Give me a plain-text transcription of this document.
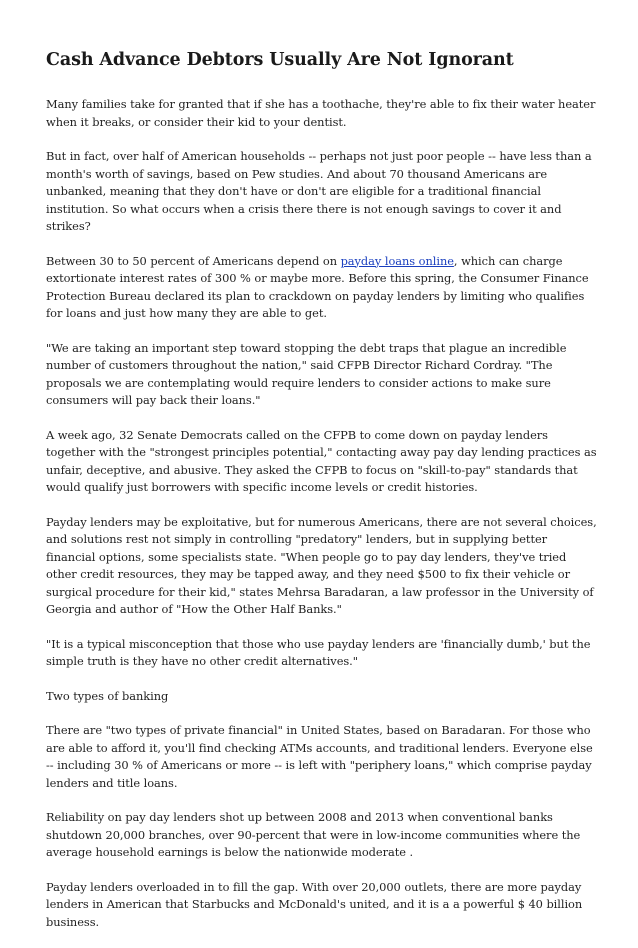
Cash Advance Debtors Usually Are Not Ignorant

Many families take for granted that if she has a toothache, they're able to fix their water heater when it breaks, or consider their kid to your dentist.

But in fact, over half of American households -- perhaps not just poor people -- have less than a month's worth of savings, based on Pew studies. And about 70 thousand Americans are unbanked, meaning that they don't have or don't are eligible for a traditional financial institution. So what occurs when a crisis there there is not enough savings to cover it and strikes?

Between 30 to 50 percent of Americans depend on payday loans online, which can charge extortionate interest rates of 300 % or maybe more. Before this spring, the Consumer Finance Protection Bureau declared its plan to crackdown on payday lenders by limiting who qualifies for loans and just how many they are able to get.

"We are taking an important step toward stopping the debt traps that plague an incredible number of customers throughout the nation," said CFPB Director Richard Cordray. "The proposals we are contemplating would require lenders to consider actions to make sure consumers will pay back their loans."

A week ago, 32 Senate Democrats called on the CFPB to come down on payday lenders together with the "strongest principles potential," contacting away pay day lending practices as unfair, deceptive, and abusive. They asked the CFPB to focus on "skill-to-pay" standards that would qualify just borrowers with specific income levels or credit histories.

Payday lenders may be exploitative, but for numerous Americans, there are not several choices, and solutions rest not simply in controlling "predatory" lenders, but in supplying better financial options, some specialists state. "When people go to pay day lenders, they've tried other credit resources, they may be tapped away, and they need $500 to fix their vehicle or surgical procedure for their kid," states Mehrsa Baradaran, a law professor in the University of Georgia and author of "How the Other Half Banks."

"It is a typical misconception that those who use payday lenders are 'financially dumb,' but the simple truth is they have no other credit alternatives."

Two types of banking

There are "two types of private financial" in United States, based on Baradaran. For those who are able to afford it, you'll find checking ATMs accounts, and traditional lenders. Everyone else -- including 30 % of Americans or more -- is left with "periphery loans," which comprise payday lenders and title loans.

Reliability on pay day lenders shot up between 2008 and 2013 when conventional banks shutdown 20,000 branches, over 90-percent that were in low-income communities where the average household earnings is below the nationwide moderate .

Payday lenders overloaded in to fill the gap. With over 20,000 outlets, there are more payday lenders in American that Starbucks and McDonald's united, and it is a a powerful $ 40 billion business.
